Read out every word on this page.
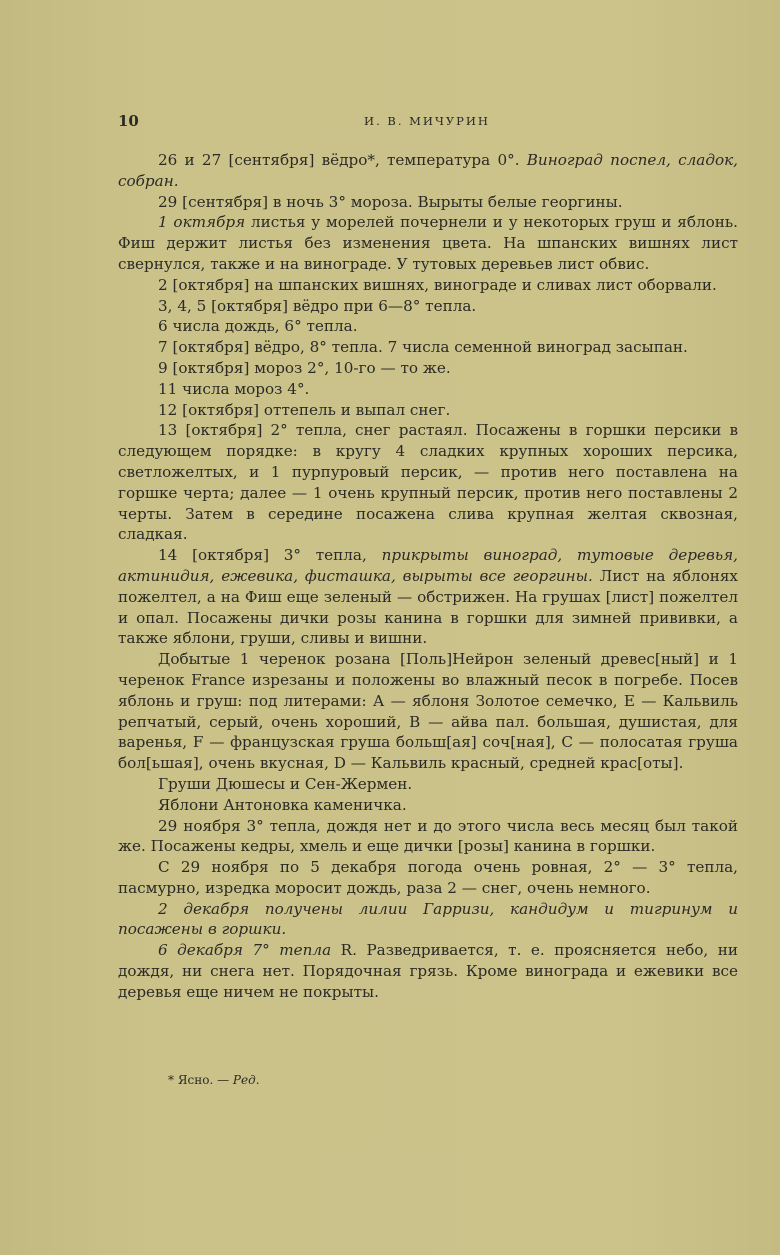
10	И. В. МИЧУРИН

26 и 27 [сентября] вёдро*, температура 0°. Виноград поспел, сладок, собран.

29 [сентября] в ночь 3° мороза. Вырыты белые георгины.

1 октября листья у морелей почернели и у некоторых груш и яблонь. Фиш держит листья без изменения цвета. На шпанских вишнях лист свернулся, также и на винограде. У тутовых деревьев лист обвис.

2 [октября] на шпанских вишнях, винограде и сливах лист оборвали.

3, 4, 5 [октября] вёдро при 6—8° тепла.

6 числа дождь, 6° тепла.

7 [октября] вёдро, 8° тепла. 7 числа семенной виноград засыпан.

9 [октября] мороз 2°, 10-го — то же.

11 числа мороз 4°.

12 [октября] оттепель и выпал снег.

13 [октября] 2° тепла, снег растаял. Посажены в горшки персики в следующем порядке: в кругу 4 сладких крупных хороших персика, светложелтых, и 1 пурпуровый персик, — против него поставлена на горшке черта; далее — 1 очень крупный персик, против него поставлены 2 черты. Затем в середине посажена слива крупная желтая сквозная, сладкая.

14 [октября] 3° тепла, прикрыты виноград, тутовые деревья, актинидия, ежевика, фисташка, вырыты все георгины. Лист на яблонях пожелтел, а на Фиш еще зеленый — обстрижен. На грушах [лист] пожелтел и опал. Посажены дички розы канина в горшки для зимней прививки, а также яблони, груши, сливы и вишни.

Добытые 1 черенок розана [Поль]Нейрон зеленый древес[ный] и 1 черенок France изрезаны и положены во влажный песок в погребе. Посев яблонь и груш: под литерами: А — яблоня Золотое семечко, Е — Кальвиль репчатый, серый, очень хороший, В — айва пал. большая, душистая, для варенья, F — французская груша больш[ая] соч[ная], С — полосатая груша бол[ьшая], очень вкусная, D — Кальвиль красный, средней крас[оты].

Груши Дюшесы и Сен-Жермен.

Яблони Антоновка каменичка.

29 ноября 3° тепла, дождя нет и до этого числа весь месяц был такой же. Посажены кедры, хмель и еще дички [розы] канина в горшки.

С 29 ноября по 5 декабря погода очень ровная, 2° — 3° тепла, пасмурно, изредка моросит дождь, раза 2 — снег, очень немного.

2 декабря получены лилии Гарризи, кандидум и тигринум и посажены в горшки.

6 декабря 7° тепла R. Разведривается, т. е. проясняется небо, ни дождя, ни снега нет. Порядочная грязь. Кроме винограда и ежевики все деревья еще ничем не покрыты.

* Ясно. — Ред.
